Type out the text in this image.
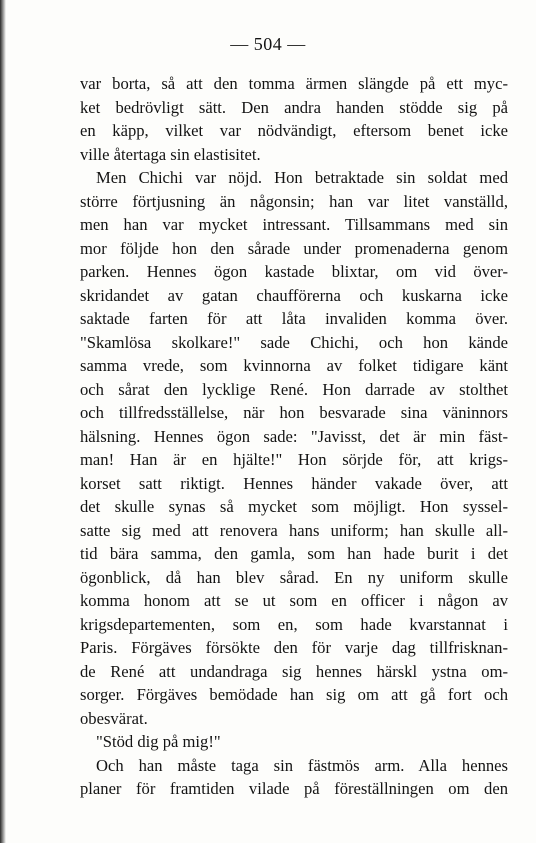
— 504 —
var borta, så att den tomma ärmen slängde på ett myc-
ket bedrövligt sätt. Den andra handen stödde sig på
en käpp, vilket var nödvändigt, eftersom benet icke
ville återtaga sin elastisitet.
Men Chichi var nöjd. Hon betraktade sin soldat med
större förtjusning än någonsin; han var litet vanställd,
men han var mycket intressant. Tillsammans med sin
mor följde hon den sårade under promenaderna genom
parken. Hennes ögon kastade blixtar, om vid över-
skridandet av gatan chaufförerna och kuskarna icke
saktade farten för att låta invaliden komma över.
"Skamlösa skolkare!" sade Chichi, och hon kände
samma vrede, som kvinnorna av folket tidigare känt
och sårat den lycklige René. Hon darrade av stolthet
och tillfredsställelse, när hon besvarade sina väninnors
hälsning. Hennes ögon sade: "Javisst, det är min fäst-
man! Han är en hjälte!" Hon sörjde för, att krigs-
korset satt riktigt. Hennes händer vakade över, att
det skulle synas så mycket som möjligt. Hon syssel-
satte sig med att renovera hans uniform; han skulle all-
tid bära samma, den gamla, som han hade burit i det
ögonblick, då han blev sårad. En ny uniform skulle
komma honom att se ut som en officer i någon av
krigsdepartementen, som en, som hade kvarstannat i
Paris. Förgäves försökte den för varje dag tillfrisknan-
de René att undandraga sig hennes härskl ystna om-
sorger. Förgäves bemödade han sig om att gå fort och
obesvärat.
"Stöd dig på mig!"
Och han måste taga sin fästmös arm. Alla hennes
planer för framtiden vilade på föreställningen om den
